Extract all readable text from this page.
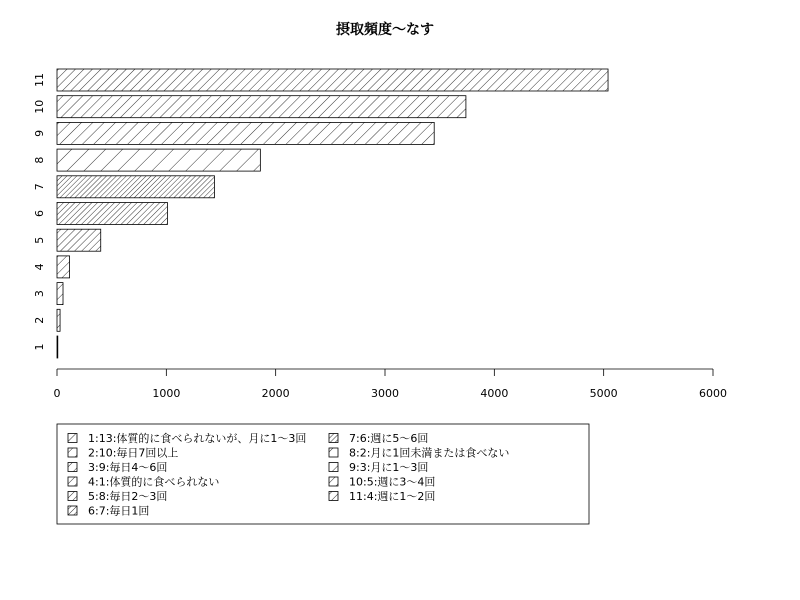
摂取頻度〜なす
11
10
9
8
7
6
5
4
3
2
1
0	1000	2000	3000	4000	5000	6000
1:13:体質的に食べられないが、月に1〜3回
2:10:毎日7回以上
3:9:毎日4〜6回
4:1:体質的に食べられない
5:8:毎日2〜3回
6:7:毎日1回
7:6:週に5〜6回
8:2:月に1回未満または食べない
9:3:月に1〜3回
10:5:週に3〜4回
11:4:週に1〜2回
